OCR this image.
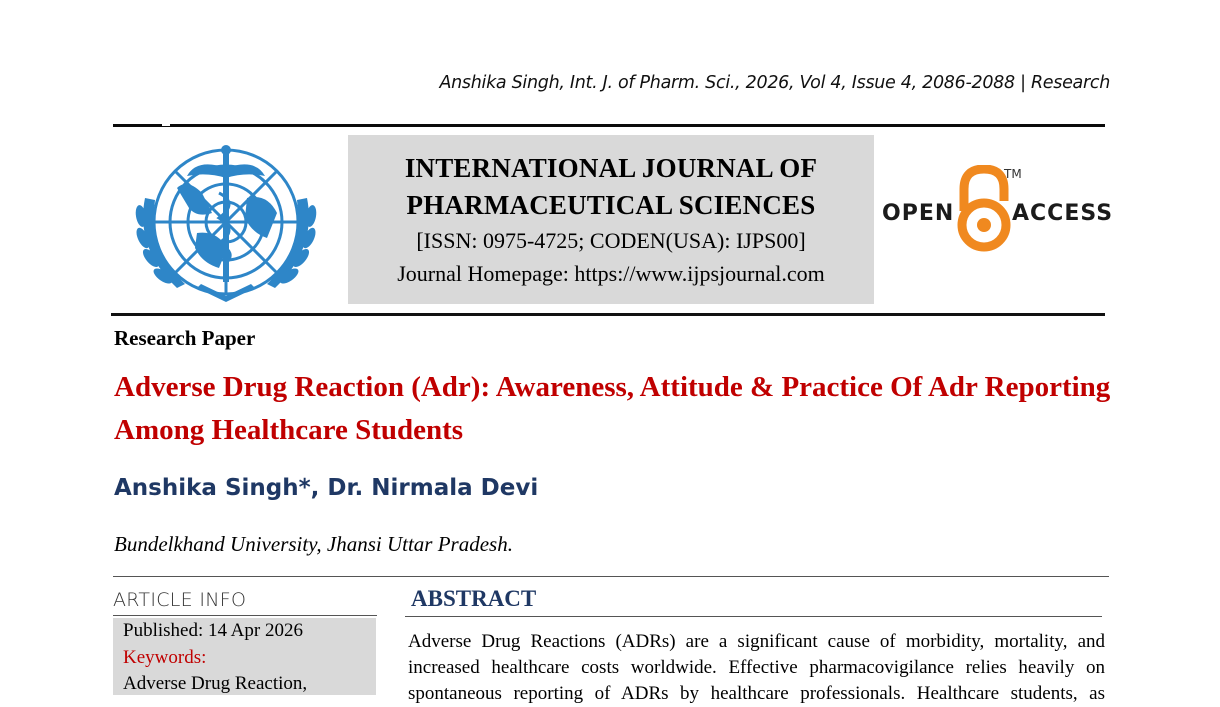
Anshika Singh, Int. J. of Pharm. Sci., 2026, Vol 4, Issue 4, 2086-2088 | Research
INTERNATIONAL JOURNAL OF
PHARMACEUTICAL SCIENCES
[ISSN: 0975-4725; CODEN(USA): IJPS00]
Journal Homepage: https://www.ijpsjournal.com
OPEN
TM
ACCESS
Research Paper
Adverse Drug Reaction (Adr): Awareness, Attitude & Practice Of Adr Reporting Among Healthcare Students
Anshika Singh*, Dr. Nirmala Devi
Bundelkhand University, Jhansi Uttar Pradesh.
ARTICLE INFO
Published: 14 Apr 2026
Keywords:
Adverse Drug Reaction,
ABSTRACT
Adverse Drug Reactions (ADRs) are a significant cause of morbidity, mortality, and
increased healthcare costs worldwide. Effective pharmacovigilance relies heavily on
spontaneous reporting of ADRs by healthcare professionals. Healthcare students, as
